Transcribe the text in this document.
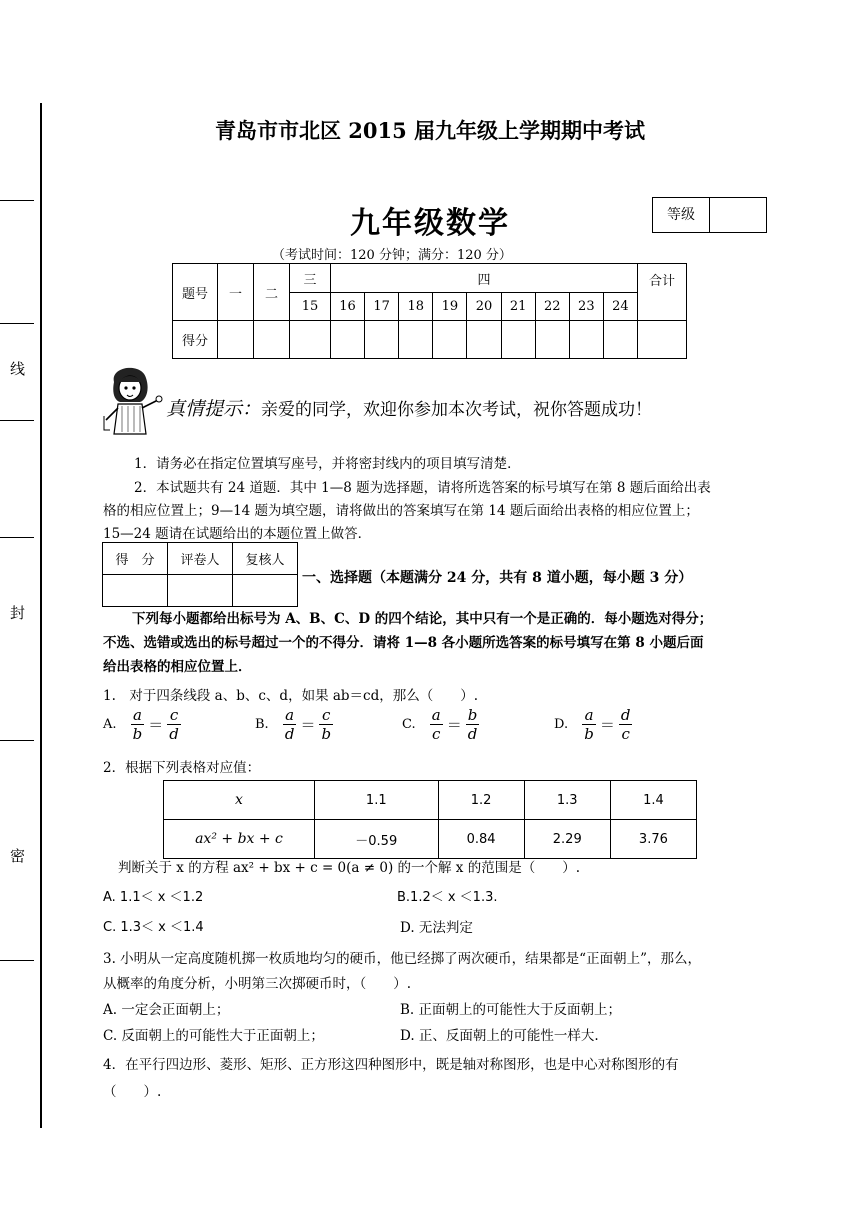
线
封
密
青岛市市北区 2015 届九年级上学期期中考试
九年级数学	等级
（考试时间：120 分钟；满分：120 分）
题号	一	二	三	四									合计
			15	16	17	18	19	20	21	22	23	24	
得分													
真情提示：亲爱的同学，欢迎你参加本次考试，祝你答题成功！
1．请务必在指定位置填写座号，并将密封线内的项目填写清楚．
2．本试题共有 24 道题．其中 1—8 题为选择题，请将所选答案的标号填写在第 8 题后面给出表
格的相应位置上；9—14 题为填空题，请将做出的答案填写在第 14 题后面给出表格的相应位置上；
15—24 题请在试题给出的本题位置上做答．
得　分	评卷人	复核人

一、选择题（本题满分 24 分，共有 8 道小题，每小题 3 分）
下列每小题都给出标号为 A、B、C、D 的四个结论，其中只有一个是正确的．每小题选对得分；
不选、选错或选出的标号超过一个的不得分．请将 1—8 各小题所选答案的标号填写在第 8 小题后面
给出表格的相应位置上．
1.　对于四条线段 a、b、c、d，如果 ab＝cd，那么（　　）.
A. $\frac{a}{b} = \frac{c}{d}$	B. $\frac{a}{d} = \frac{c}{b}$	C. $\frac{a}{c} = \frac{b}{d}$	D. $\frac{a}{b} = \frac{d}{c}$
2．根据下列表格对应值：
x	1.1	1.2	1.3	1.4
ax² + bx + c	－0.59	0.84	2.29	3.76
判断关于 x 的方程 ax² + bx + c = 0(a ≠ 0) 的一个解 x 的范围是（　　）.
A. 1.1＜ x ＜1.2	B.1.2＜ x ＜1.3.
C. 1.3＜ x ＜1.4	D. 无法判定
3. 小明从一定高度随机掷一枚质地均匀的硬币，他已经掷了两次硬币，结果都是“正面朝上”，那么，
从概率的角度分析，小明第三次掷硬币时，（　　）.
A. 一定会正面朝上；	B. 正面朝上的可能性大于反面朝上；
C. 反面朝上的可能性大于正面朝上；	D. 正、反面朝上的可能性一样大.
4．在平行四边形、菱形、矩形、正方形这四种图形中，既是轴对称图形，也是中心对称图形的有
（　　）.
